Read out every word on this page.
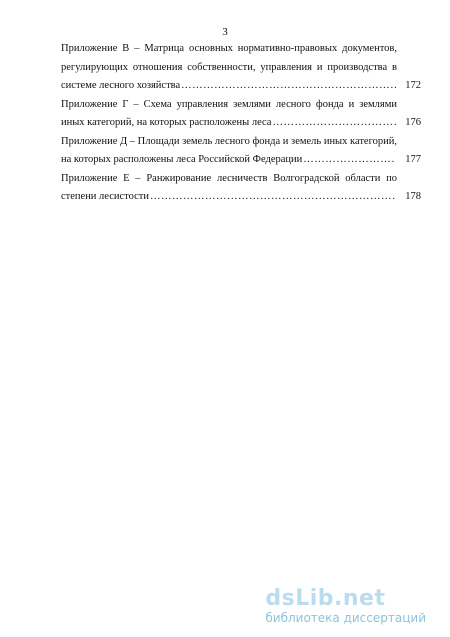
3
Приложение В – Матрица основных нормативно-правовых документов,
регулирующих отношения собственности, управления и производства в
системе лесного хозяйства …………………………………………………………………………………………………………………………	172
Приложение Г – Схема управления землями лесного фонда и землями
иных категорий, на которых расположены леса …………………………………………………………………………………………………………………………	176
Приложение Д – Площади земель лесного фонда и земель иных категорий,
на которых расположены леса Российской Федерации …………………………………………………………………………………………………………………………	177
Приложение Е – Ранжирование лесничеств Волгоградской области по
степени лесистости …………………………………………………………………………………………………………………………	178
dsLib.net
библиотека диссертаций
